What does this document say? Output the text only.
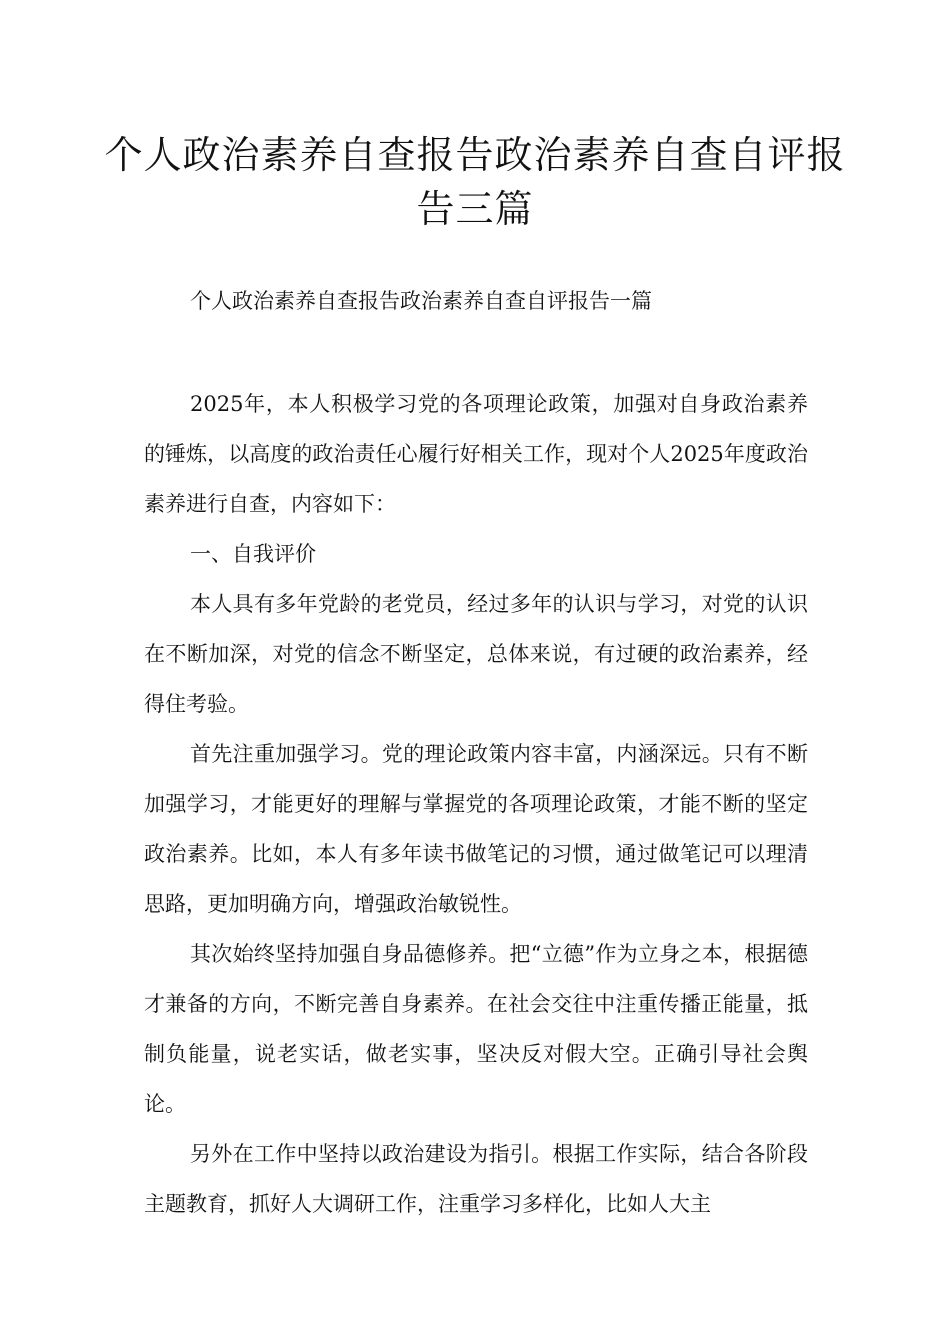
个人政治素养自查报告政治素养自查自评报告三篇
个人政治素养自查报告政治素养自查自评报告一篇

2025年，本人积极学习党的各项理论政策，加强对自身政治素养的锤炼，以高度的政治责任心履行好相关工作，现对个人2025年度政治素养进行自查，内容如下：

一、自我评价

本人具有多年党龄的老党员，经过多年的认识与学习，对党的认识在不断加深，对党的信念不断坚定，总体来说，有过硬的政治素养，经得住考验。

首先注重加强学习。党的理论政策内容丰富，内涵深远。只有不断加强学习，才能更好的理解与掌握党的各项理论政策，才能不断的坚定政治素养。比如，本人有多年读书做笔记的习惯，通过做笔记可以理清思路，更加明确方向，增强政治敏锐性。

其次始终坚持加强自身品德修养。把“立德”作为立身之本，根据德才兼备的方向，不断完善自身素养。在社会交往中注重传播正能量，抵制负能量，说老实话，做老实事，坚决反对假大空。正确引导社会舆论。

另外在工作中坚持以政治建设为指引。根据工作实际，结合各阶段主题教育，抓好人大调研工作，注重学习多样化，比如人大主
